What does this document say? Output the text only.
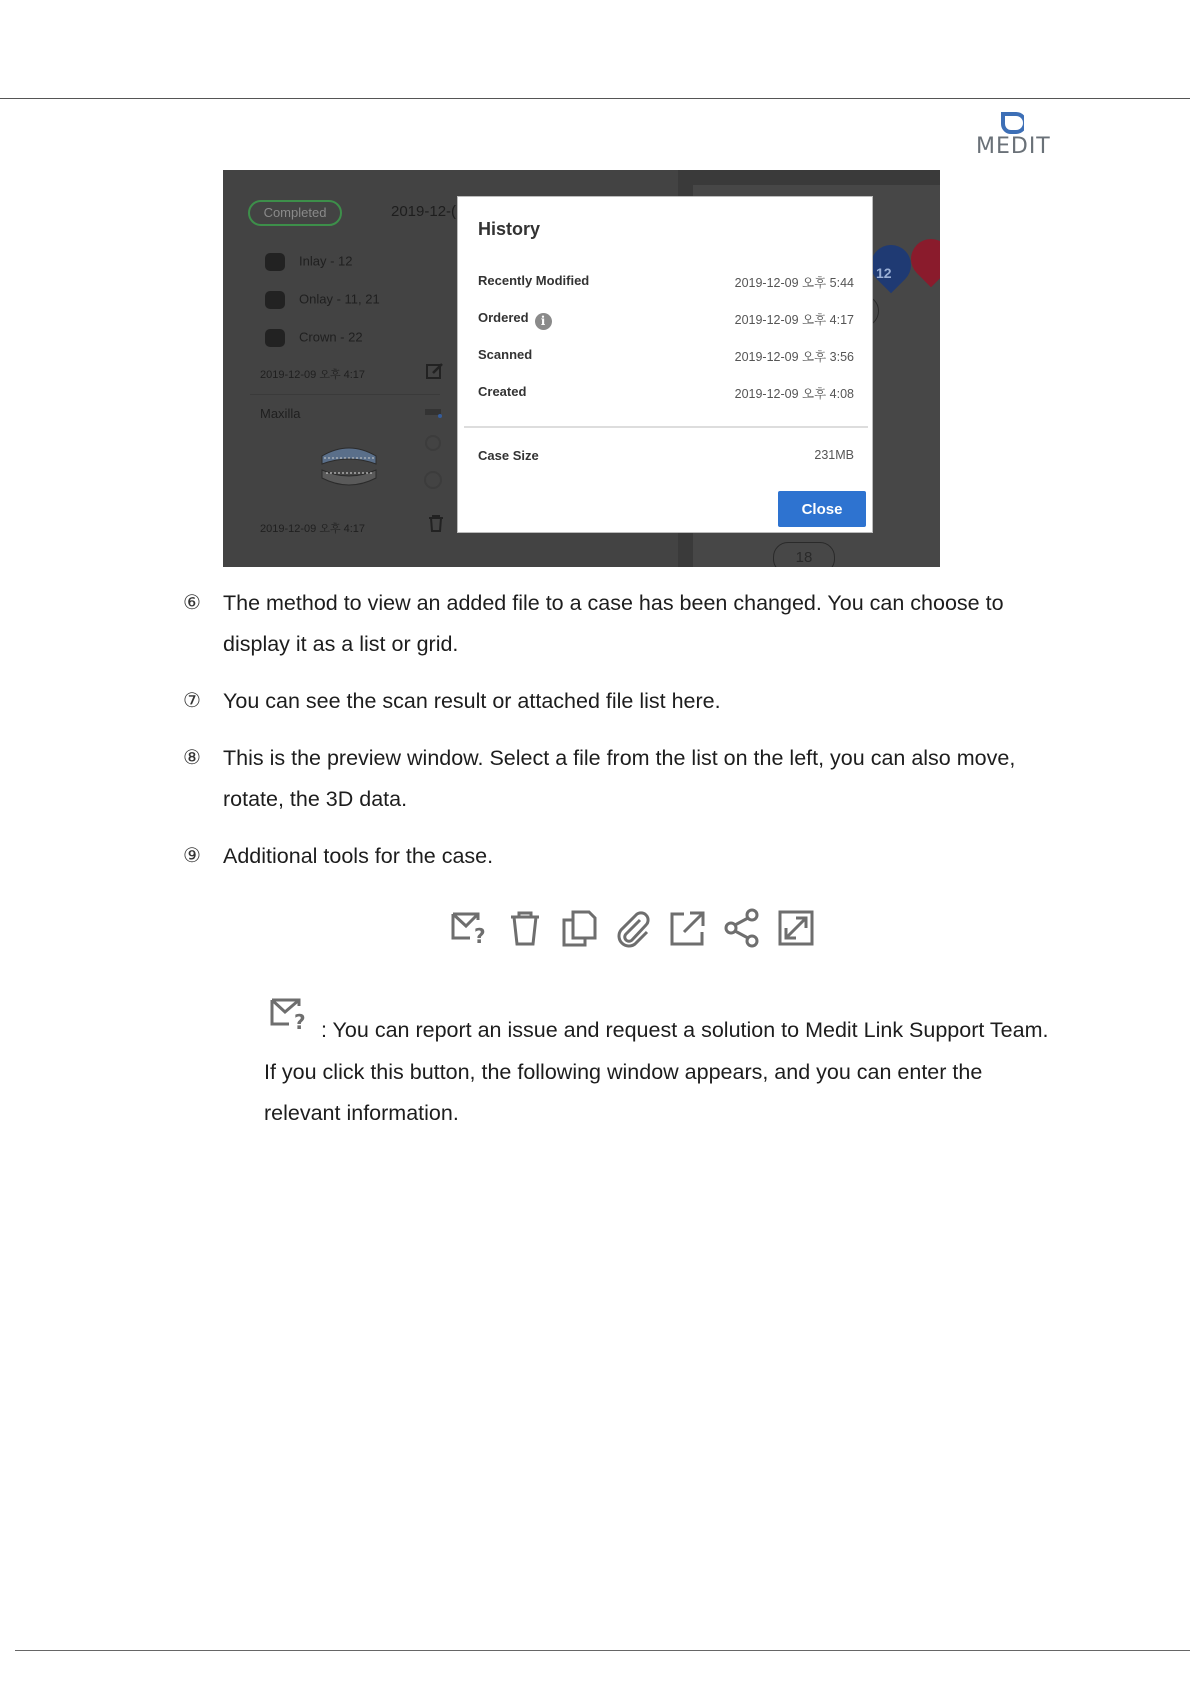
MEDIT
Completed	2019-12-(
Inlay - 12
Onlay - 11, 21
Crown - 22
2019-12-09 오후 4:17
Maxilla
2019-12-09 오후 4:17
12
18
History
Recently Modified	2019-12-09 오후 5:44
Ordered i	2019-12-09 오후 4:17
Scanned	2019-12-09 오후 3:56
Created	2019-12-09 오후 4:08
Case Size	231MB
Close
⑥	The method to view an added file to a case has been changed. You can choose to display it as a list or grid.
⑦	You can see the scan result or attached file list here.
⑧	This is the preview window. Select a file from the list on the left, you can also move, rotate, the 3D data.
⑨	Additional tools for the case.
?
? : You can report an issue and request a solution to Medit Link Support Team. If you click this button, the following window appears, and you can enter the relevant information.
